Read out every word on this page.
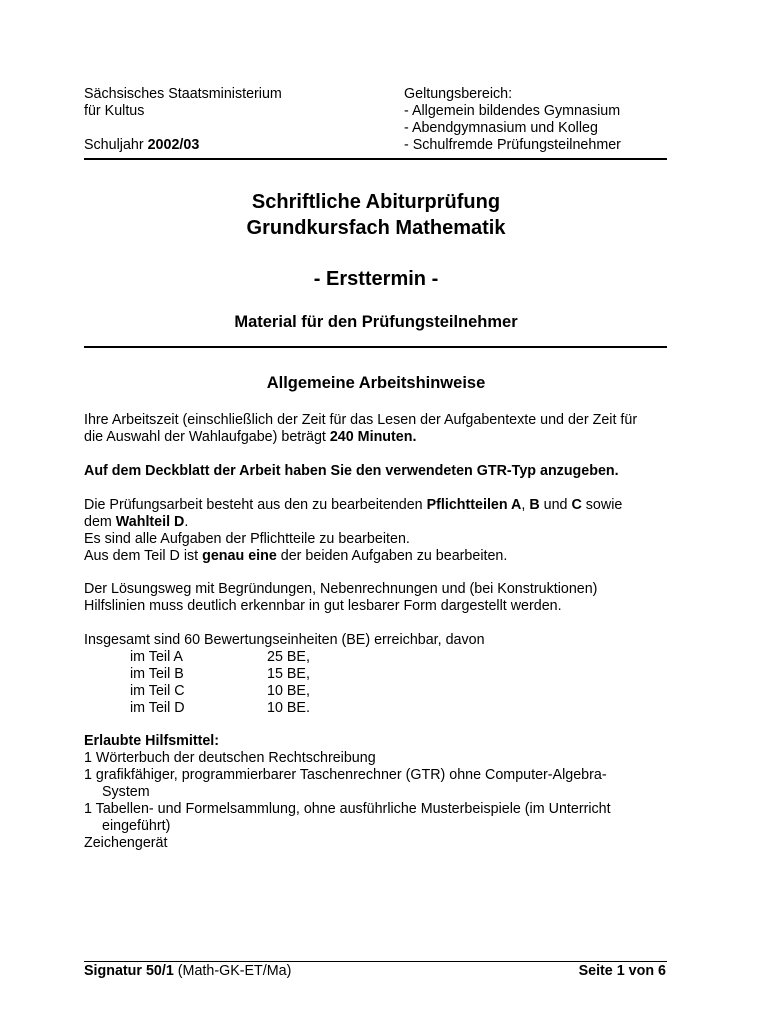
Sächsisches Staatsministerium
für Kultus
Schuljahr 2002/03
Geltungsbereich:
- Allgemein bildendes Gymnasium
- Abendgymnasium und Kolleg
- Schulfremde Prüfungsteilnehmer
Schriftliche Abiturprüfung
Grundkursfach Mathematik
- Ersttermin -
Material für den Prüfungsteilnehmer
Allgemeine Arbeitshinweise
Ihre Arbeitszeit (einschließlich der Zeit für das Lesen der Aufgabentexte und der Zeit für
die Auswahl der Wahlaufgabe) beträgt 240 Minuten.
Auf dem Deckblatt der Arbeit haben Sie den verwendeten GTR-Typ anzugeben.
Die Prüfungsarbeit besteht aus den zu bearbeitenden Pflichtteilen A, B und C sowie
dem Wahlteil D.
Es sind alle Aufgaben der Pflichtteile zu bearbeiten.
Aus dem Teil D ist genau eine der beiden Aufgaben zu bearbeiten.
Der Lösungsweg mit Begründungen, Nebenrechnungen und (bei Konstruktionen)
Hilfslinien muss deutlich erkennbar in gut lesbarer Form dargestellt werden.
Insgesamt sind 60 Bewertungseinheiten (BE) erreichbar, davon
im Teil A	25 BE,
im Teil B	15 BE,
im Teil C	10 BE,
im Teil D	10 BE.
Erlaubte Hilfsmittel:
1 Wörterbuch der deutschen Rechtschreibung
1 grafikfähiger, programmierbarer Taschenrechner (GTR) ohne Computer-Algebra-
System
1 Tabellen- und Formelsammlung, ohne ausführliche Musterbeispiele (im Unterricht
eingeführt)
Zeichengerät
Signatur 50/1 (Math-GK-ET/Ma)	Seite 1 von 6
